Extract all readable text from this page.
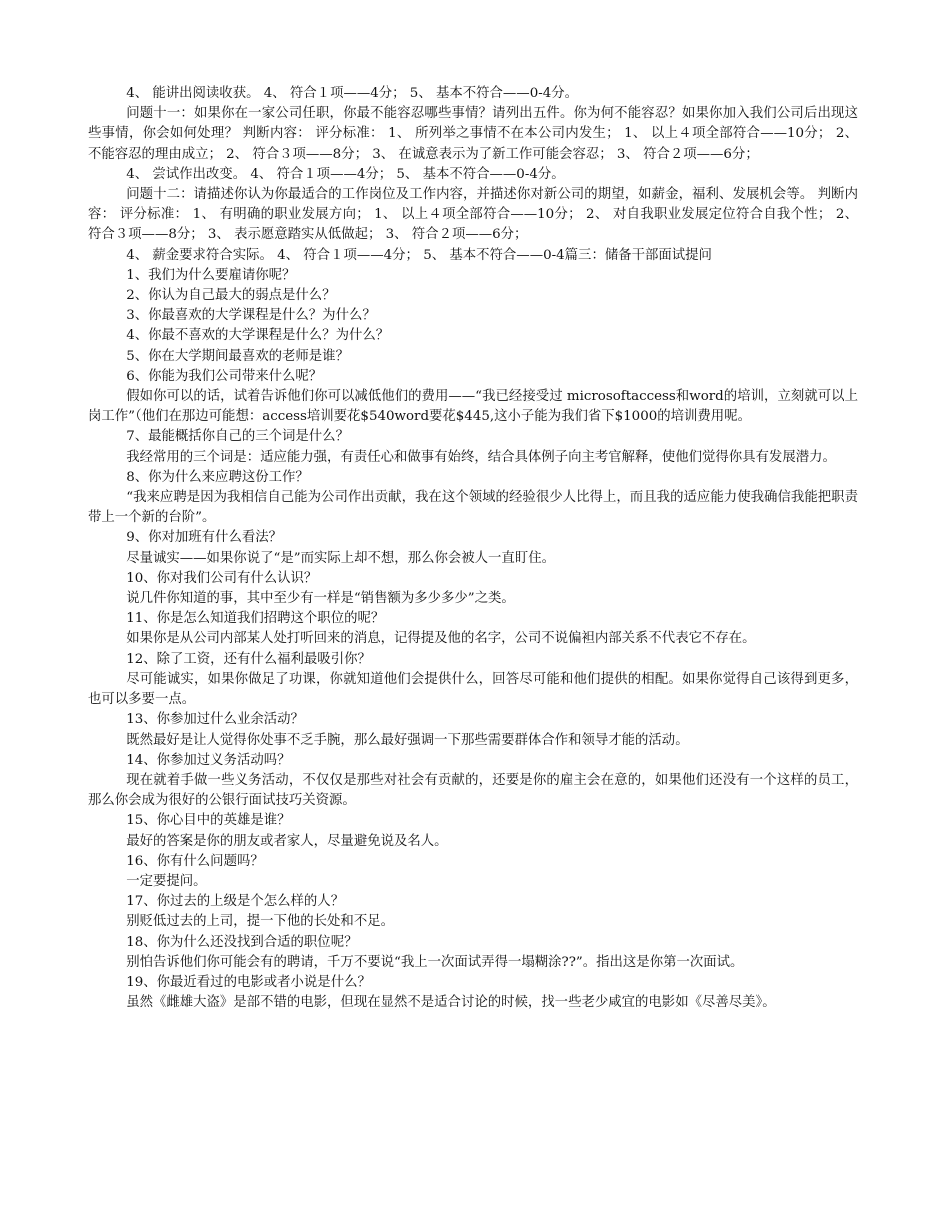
4、 能讲出阅读收获。 4、 符合１项——4分； 5、 基本不符合——0-4分。

问题十一：如果你在一家公司任职，你最不能容忍哪些事情？请列出五件。你为何不能容忍？如果你加入我们公司后出现这些事情，你会如何处理？ 判断内容： 评分标准： 1、 所列举之事情不在本公司内发生； 1、 以上４项全部符合——10分； 2、 不能容忍的理由成立； 2、 符合３项——8分； 3、 在诚意表示为了新工作可能会容忍； 3、 符合２项——6分；

4、 尝试作出改变。 4、 符合１项——4分； 5、 基本不符合——0-4分。

问题十二：请描述你认为你最适合的工作岗位及工作内容，并描述你对新公司的期望，如薪金，福利、发展机会等。 判断内容： 评分标准： 1、 有明确的职业发展方向； 1、 以上４项全部符合——10分； 2、 对自我职业发展定位符合自我个性； 2、 符合３项——8分； 3、 表示愿意踏实从低做起； 3、 符合２项——6分；

4、 薪金要求符合实际。 4、 符合１项——4分； 5、 基本不符合——0-4篇三：储备干部面试提问

1、我们为什么要雇请你呢？

2、你认为自己最大的弱点是什么？

3、你最喜欢的大学课程是什么？为什么？

4、你最不喜欢的大学课程是什么？为什么？

5、你在大学期间最喜欢的老师是谁？

6、你能为我们公司带来什么呢？

假如你可以的话，试着告诉他们你可以减低他们的费用——“我已经接受过 microsoftaccess和word的培训，立刻就可以上岗工作”（他们在那边可能想：access培训要花$540word要花$445,这小子能为我们省下$1000的培训费用呢。

7、最能概括你自己的三个词是什么？

我经常用的三个词是：适应能力强，有责任心和做事有始终，结合具体例子向主考官解释，使他们觉得你具有发展潜力。

8、你为什么来应聘这份工作？

“我来应聘是因为我相信自己能为公司作出贡献，我在这个领域的经验很少人比得上，而且我的适应能力使我确信我能把职责带上一个新的台阶”。

9、你对加班有什么看法？

尽量诚实——如果你说了“是”而实际上却不想，那么你会被人一直盯住。

10、你对我们公司有什么认识？

说几件你知道的事，其中至少有一样是“销售额为多少多少”之类。

11、你是怎么知道我们招聘这个职位的呢？

如果你是从公司内部某人处打听回来的消息，记得提及他的名字，公司不说偏袒内部关系不代表它不存在。

12、除了工资，还有什么福利最吸引你？

尽可能诚实，如果你做足了功课，你就知道他们会提供什么，回答尽可能和他们提供的相配。如果你觉得自己该得到更多，也可以多要一点。

13、你参加过什么业余活动？

既然最好是让人觉得你处事不乏手腕，那么最好强调一下那些需要群体合作和领导才能的活动。

14、你参加过义务活动吗？

现在就着手做一些义务活动，不仅仅是那些对社会有贡献的，还要是你的雇主会在意的，如果他们还没有一个这样的员工，那么你会成为很好的公银行面试技巧关资源。

15、你心目中的英雄是谁？

最好的答案是你的朋友或者家人，尽量避免说及名人。

16、你有什么问题吗？

一定要提问。

17、你过去的上级是个怎么样的人？

别贬低过去的上司，提一下他的长处和不足。

18、你为什么还没找到合适的职位呢？

别怕告诉他们你可能会有的聘请，千万不要说“我上一次面试弄得一塌糊涂??”。指出这是你第一次面试。

19、你最近看过的电影或者小说是什么？

虽然《雌雄大盗》是部不错的电影，但现在显然不是适合讨论的时候，找一些老少咸宜的电影如《尽善尽美》。
